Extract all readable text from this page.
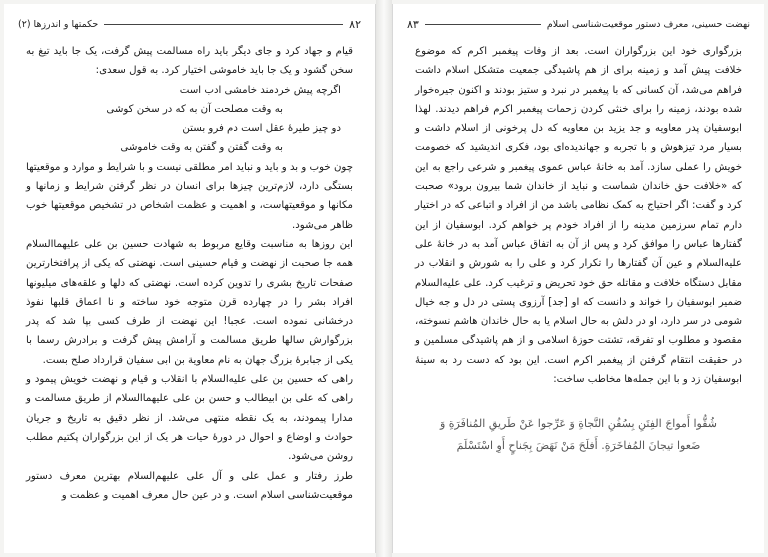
۸۲
حکمتها و اندرزها (۲)

قیام و جهاد کرد و جای دیگر باید راه مسالمت پیش گرفت، یک جا باید تیغ به سخن گشود و یک جا باید خاموشی اختیار کرد. به قول سعدی:

اگرچه پیش خردمند خامشی ادب است

به وقت مصلحت آن به که در سخن کوشی

دو چیز طیرهٔ عقل است دم فرو بستن

به وقت گفتن و گفتن به وقت خاموشی

چون خوب و بد و باید و نباید امر مطلقی نیست و با شرایط و موارد و موقعیتها بستگی دارد، لازم‌ترین چیزها برای انسان در نظر گرفتن شرایط و زمانها و مکانها و موقعیتهاست، و اهمیت و عظمت اشخاص در تشخیص موقعیتها خوب ظاهر می‌شود.

این روزها به مناسبت وقایع مربوط به شهادت حسین بن علی علیهماالسلام همه جا صحبت از نهضت و قیام حسینی است. نهضتی که یکی از پرافتخارترین صفحات تاریخ بشری را تدوین کرده است. نهضتی که دلها و علقه‌های میلیونها افراد بشر را در چهارده قرن متوجه خود ساخته و نا اعماق قلبها نفوذ درخشانی نموده است. عجبا! این نهضت از طرف کسی بپا شد که پدر بزرگوارش سالها طریق مسالمت و آرامش پیش گرفت و برادرش رسما با یکی از جبابرهٔ بزرگ جهان به نام معاویة بن ابی سفیان قرارداد صلح بست.

راهی که حسین بن علی علیه‌السلام با انقلاب و قیام و نهضت خویش پیمود و راهی که علی بن ابیطالب و حسن بن علی علیهماالسلام از طریق مسالمت و مدارا پیمودند، به یک نقطه منتهی می‌شد. از نظر دقیق به تاریخ و جریان حوادث و اوضاع و احوال در دورهٔ حیات هر یک از این بزرگواران پکتیم مطلب روشن می‌شود.

طرز رفتار و عمل علی و آل علی علیهم‌السلام بهترین معرف دستور موقعیت‌شناسی اسلام است. و در عین حال معرف اهمیت و عظمت و

نهضت حسینی، معرف دستور موقعیت‌شناسی اسلام
۸۳

بزرگواری خود این بزرگواران است. بعد از وفات پیغمبر اکرم که موضوع خلافت پیش آمد و زمینه برای از هم پاشیدگی جمعیت متشکل اسلام داشت فراهم می‌شد، آن کسانی که با پیغمبر در نبرد و ستیز بودند و اکنون جیره‌خوار شده بودند، زمینه را برای خنثی کردن زحمات پیغمبر اکرم فراهم دیدند. لهذا ابوسفیان پدر معاویه و جد یزید بن معاویه که دل پرخونی از اسلام داشت و بسیار مرد تیزهوش و با تجربه و جهاندیده‌ای بود، فکری اندیشید که خصومت خویش را عملی سازد. آمد به خانهٔ عباس عموی پیغمبر و شرعی راجع به این که «خلافت حق خاندان شماست و نباید از خاندان شما بیرون برود» صحبت کرد و گفت: اگر احتیاج به کمک نظامی باشد من از افراد و اتباعی که در اختیار دارم تمام سرزمین مدینه را از افراد خودم پر خواهم کرد. ابوسفیان از این گفتارها عباس را موافق کرد و پس از آن به اتفاق عباس آمد به در خانهٔ علی علیه‌السلام و عین آن گفتارها را تکرار کرد و علی را به شورش و انقلاب در مقابل دستگاه خلافت و مقاتله حق خود تحریض و ترغیب کرد. علی علیه‌السلام ضمیر ابوسفیان را خواند و دانست که او [جد] آرزوی پستی در دل و جه خیال شومی در سر دارد، او در دلش به حال اسلام یا به حال خاندان هاشم نسوخته، مقصود و مطلوب او تفرقه، تشتت حوزهٔ اسلامی و از هم پاشیدگی مسلمین و در حقیقت انتقام گرفتن از پیغمبر اکرم است. این بود که دست رد به سینهٔ ابوسفیان زد و با این جمله‌ها مخاطب ساخت:

شُقُّوا أَمواجَ الفِتَنِ بِسُفُنِ النَّجاةِ وَ عَرِّجوا عَنْ طَريقِ المُنافَرَةِ وَ

ضَعوا تيجانَ المُفاخَرَةِ. أَفلَحَ مَنْ نَهَضَ بِجَناحٍ أَوِ اسْتَسْلَمَ
